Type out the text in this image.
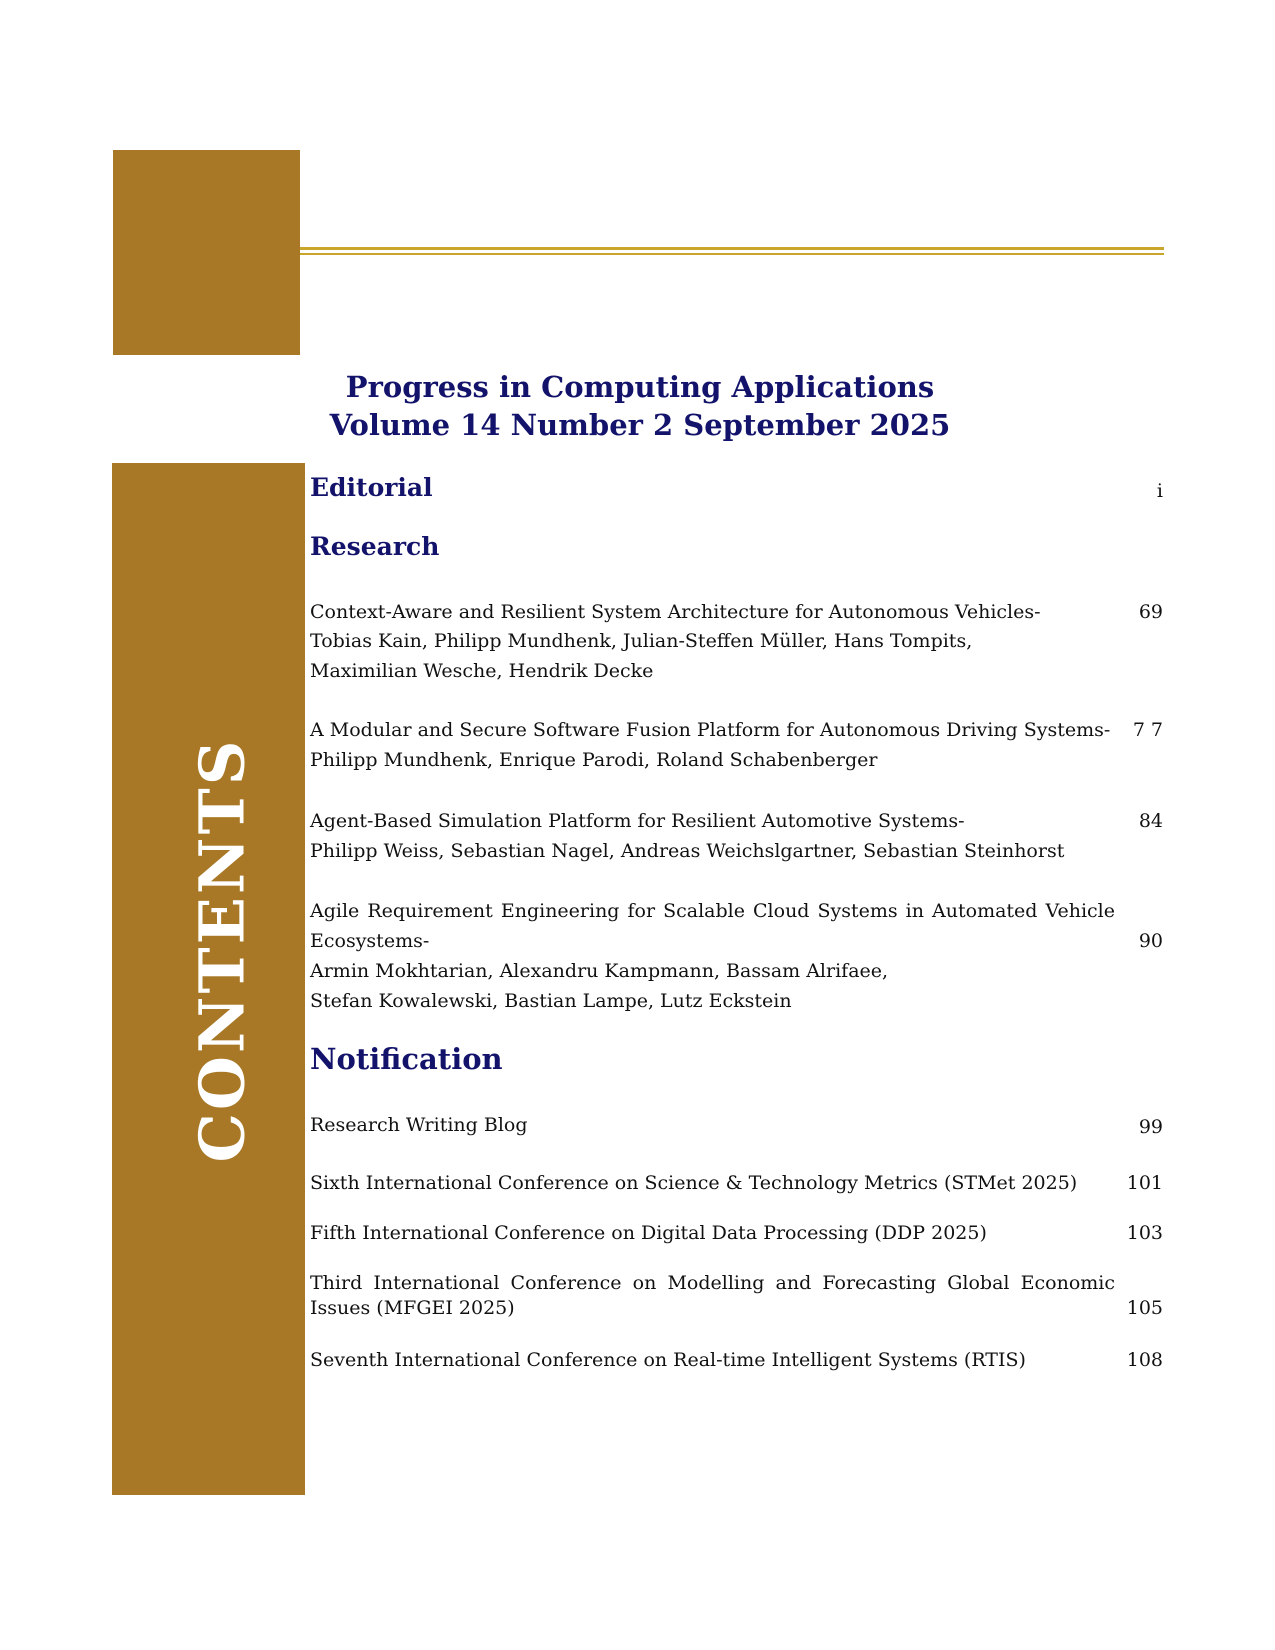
Progress in Computing Applications
Volume 14 Number 2 September 2025
CONTENTS
Editorial	i
Research
Context-Aware and Resilient System Architecture for Autonomous Vehicles-	69
Tobias Kain, Philipp Mundhenk, Julian-Steffen Müller, Hans Tompits,
Maximilian Wesche, Hendrik Decke
A Modular and Secure Software Fusion Platform for Autonomous Driving Systems- 77
Philipp Mundhenk, Enrique Parodi, Roland Schabenberger
Agent-Based Simulation Platform for Resilient Automotive Systems-	84
Philipp Weiss, Sebastian Nagel, Andreas Weichslgartner, Sebastian Steinhorst
Agile Requirement Engineering for Scalable Cloud Systems in Automated Vehicle
Ecosystems-	90
Armin Mokhtarian, Alexandru Kampmann, Bassam Alrifaee,
Stefan Kowalewski, Bastian Lampe, Lutz Eckstein
Notification
Research Writing Blog	99
Sixth International Conference on Science & Technology Metrics (STMet 2025)	101
Fifth International Conference on Digital Data Processing (DDP 2025)	103
Third International Conference on Modelling and Forecasting Global Economic
Issues (MFGEI 2025)	105
Seventh International Conference on Real-time Intelligent Systems (RTIS)	108
